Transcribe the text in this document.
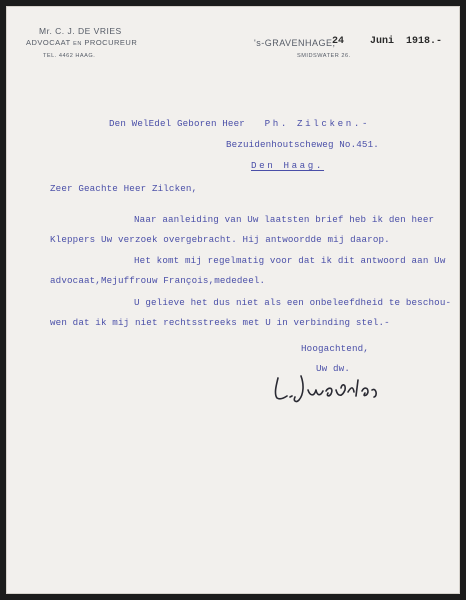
Mr. C. J. DE VRIES
ADVOCAAT EN PROCUREUR
TEL. 4462 HAAG.
's-GRAVENHAGE,
SMIDSWATER 26.
24	Juni 1918.-
Den WelEdel Geboren Heer Ph. Zilcken.-
Bezuidenhoutscheweg No.451.
Den Haag.
Zeer Geachte Heer Zilcken,
Naar aanleiding van Uw laatsten brief heb ik den heer
Kleppers Uw verzoek overgebracht. Hij antwoordde mij daarop.
Het komt mij regelmatig voor dat ik dit antwoord aan Uw
advocaat,Mejuffrouw François,mededeel.
U gelieve het dus niet als een onbeleefdheid te beschou-
wen dat ik mij niet rechtsstreeks met U in verbinding stel.-
Hoogachtend,
Uw dw.
